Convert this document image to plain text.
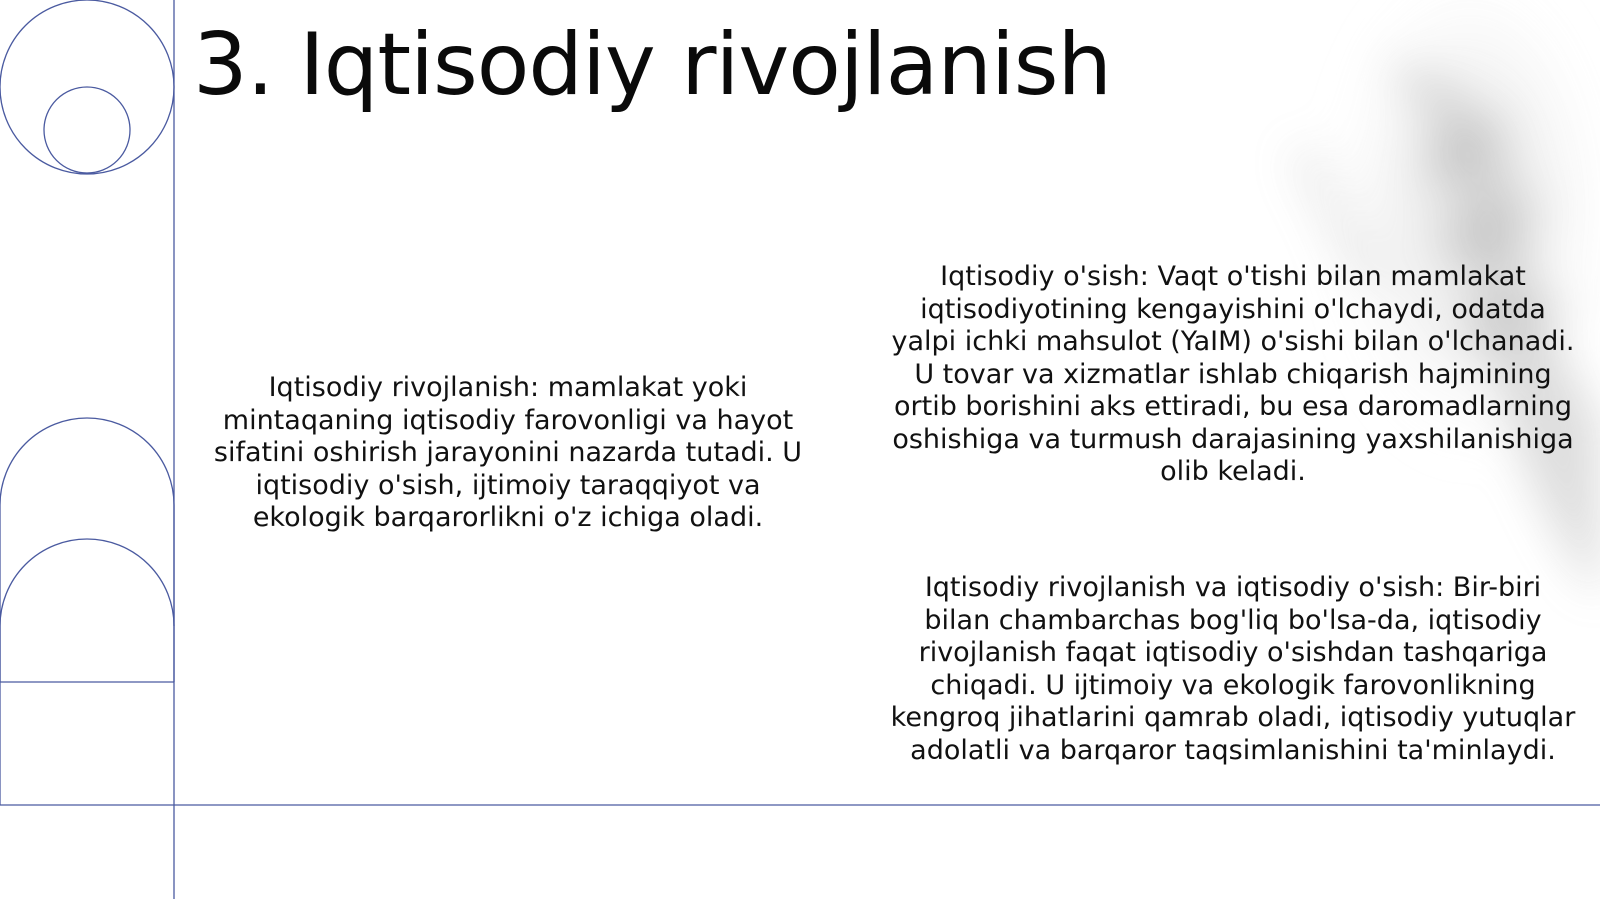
3. Iqtisodiy rivojlanish

Iqtisodiy rivojlanish: mamlakat yoki mintaqaning iqtisodiy farovonligi va hayot sifatini oshirish jarayonini nazarda tutadi. U iqtisodiy o'sish, ijtimoiy taraqqiyot va ekologik barqarorlikni o'z ichiga oladi.

Iqtisodiy o'sish: Vaqt o'tishi bilan mamlakat iqtisodiyotining kengayishini o'lchaydi, odatda yalpi ichki mahsulot (YaIM) o'sishi bilan o'lchanadi. U tovar va xizmatlar ishlab chiqarish hajmining ortib borishini aks ettiradi, bu esa daromadlarning oshishiga va turmush darajasining yaxshilanishiga olib keladi.

Iqtisodiy rivojlanish va iqtisodiy o'sish: Bir-biri bilan chambarchas bog'liq bo'lsa-da, iqtisodiy rivojlanish faqat iqtisodiy o'sishdan tashqariga chiqadi. U ijtimoiy va ekologik farovonlikning kengroq jihatlarini qamrab oladi, iqtisodiy yutuqlar adolatli va barqaror taqsimlanishini ta'minlaydi.
